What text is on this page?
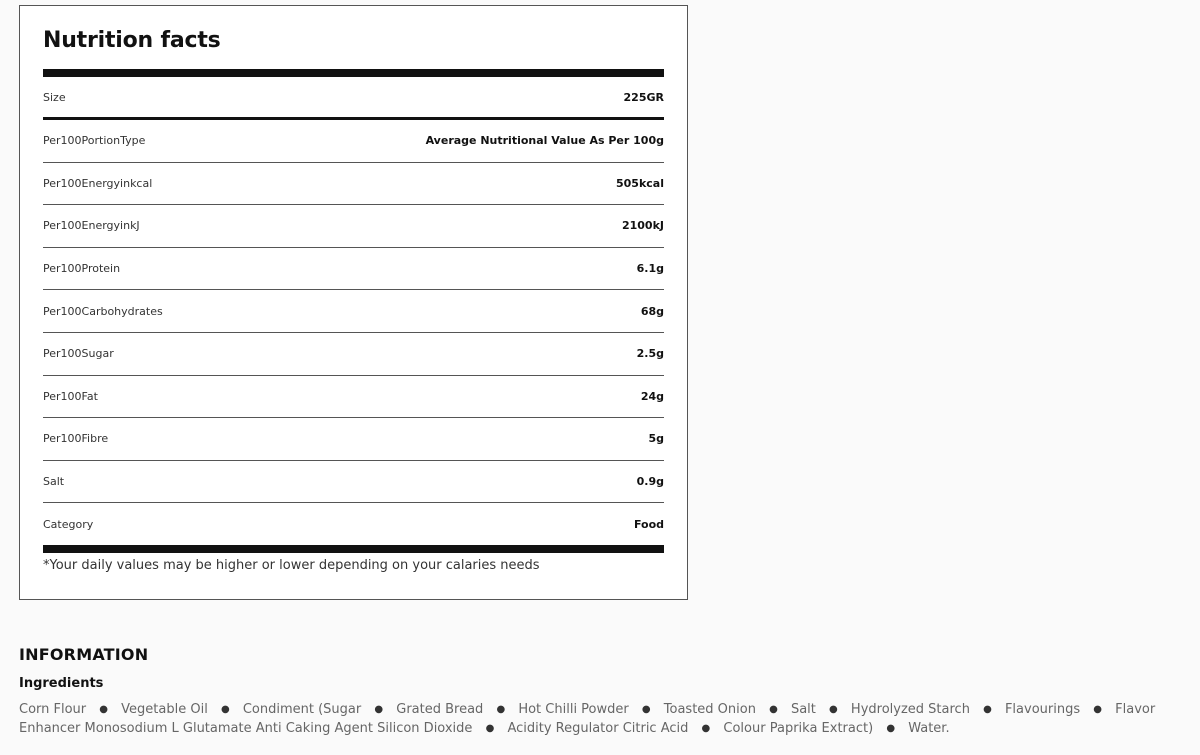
Nutrition facts
Size	225GR
Per100PortionType	Average Nutritional Value As Per 100g
Per100Energyinkcal	505kcal
Per100EnergyinkJ	2100kJ
Per100Protein	6.1g
Per100Carbohydrates	68g
Per100Sugar	2.5g
Per100Fat	24g
Per100Fibre	5g
Salt	0.9g
Category	Food
*Your daily values may be higher or lower depending on your calaries needs
INFORMATION
Ingredients
Corn Flour ● Vegetable Oil ● Condiment (Sugar ● Grated Bread ● Hot Chilli Powder ● Toasted Onion ● Salt ● Hydrolyzed Starch ● Flavourings ● Flavor Enhancer Monosodium L Glutamate Anti Caking Agent Silicon Dioxide ● Acidity Regulator Citric Acid ● Colour Paprika Extract) ● Water.
